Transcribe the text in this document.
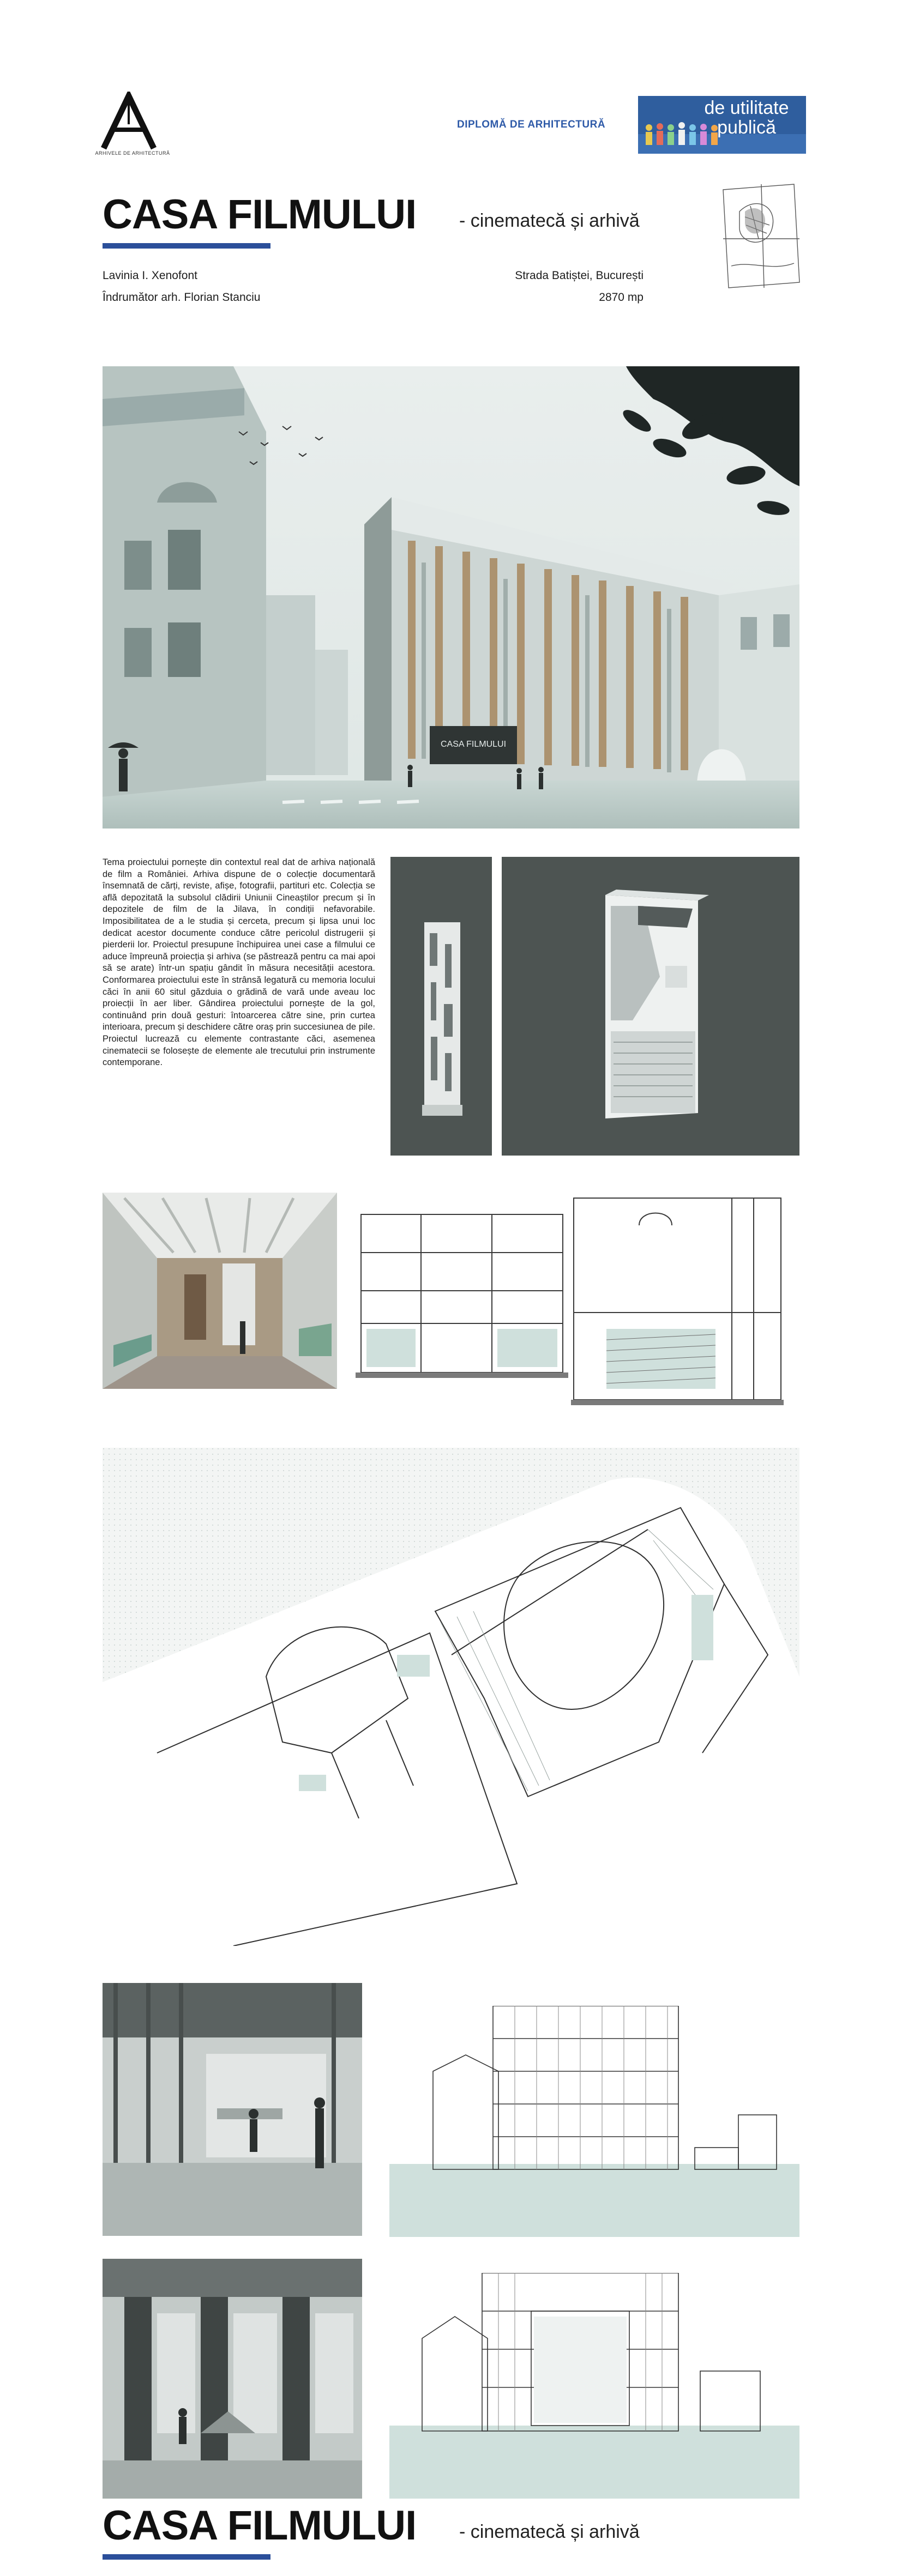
ARHIVELE DE ARHITECTURĂ
DIPLOMĂ DE ARHITECTURĂ
de utilitate publică
CASA FILMULUI - cinematecă și arhivă
Lavinia I. Xenofont
Îndrumător arh. Florian Stanciu
Strada Batiștei, București
2870 mp
CASA FILMULUI

Tema proiectului pornește din contextul real dat de arhiva națională de film a României. Arhiva dispune de o colecție documentară însemnată de cărți, reviste, afișe, fotografii, partituri etc. Colecția se află depozitată la subsolul clădirii Uniunii Cineaștilor precum și în depozitele de film de la Jilava, în condiții nefavorabile. Imposibilitatea de a le studia și cerceta, precum și lipsa unui loc dedicat acestor documente conduce către pericolul distrugerii și pierderii lor. Proiectul presupune închipuirea unei case a filmului ce aduce împreună proiecția și arhiva (se păstrează pentru ca mai apoi să se arate) într-un spațiu gândit în măsura necesității acestora. Conformarea proiectului este în strânsă legatură cu memoria locului căci în anii 60 situl găzduia o grădină de vară unde aveau loc proiecții în aer liber. Gândirea proiectului pornește de la gol, continuând prin două gesturi: întoarcerea către sine, prin curtea interioara, precum și deschidere către oraș prin succesiunea de pile. Proiectul lucrează cu elemente contrastante căci, asemenea cinematecii se folosește de elemente ale trecutului prin instrumente contemporane.

CASA FILMULUI - cinematecă și arhivă
